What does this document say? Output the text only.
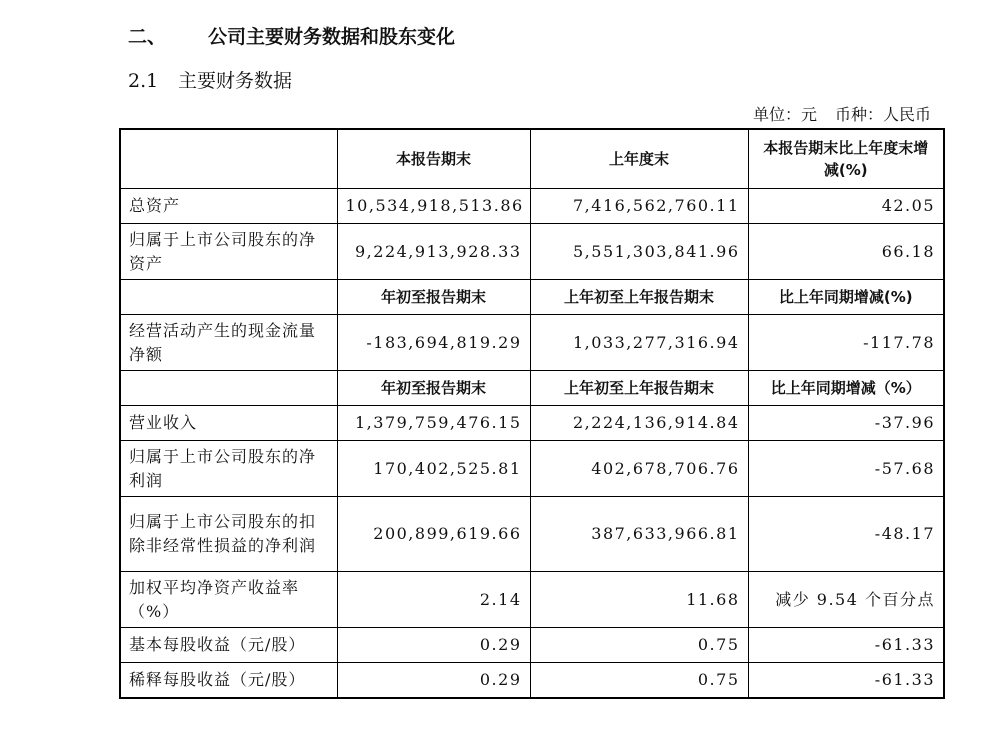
二、 公司主要财务数据和股东变化
2.1 主要财务数据
单位：元 币种：人民币
	本报告期末	上年度末	本报告期末比上年度末增减(%)
总资产	10,534,918,513.86	7,416,562,760.11	42.05
归属于上市公司股东的净资产	9,224,913,928.33	5,551,303,841.96	66.18
	年初至报告期末	上年初至上年报告期末	比上年同期增减(%)
经营活动产生的现金流量净额	-183,694,819.29	1,033,277,316.94	-117.78
	年初至报告期末	上年初至上年报告期末	比上年同期增减（%）
营业收入	1,379,759,476.15	2,224,136,914.84	-37.96
归属于上市公司股东的净利润	170,402,525.81	402,678,706.76	-57.68
归属于上市公司股东的扣除非经常性损益的净利润	200,899,619.66	387,633,966.81	-48.17
加权平均净资产收益率（%）	2.14	11.68	减少 9.54 个百分点
基本每股收益（元/股）	0.29	0.75	-61.33
稀释每股收益（元/股）	0.29	0.75	-61.33
